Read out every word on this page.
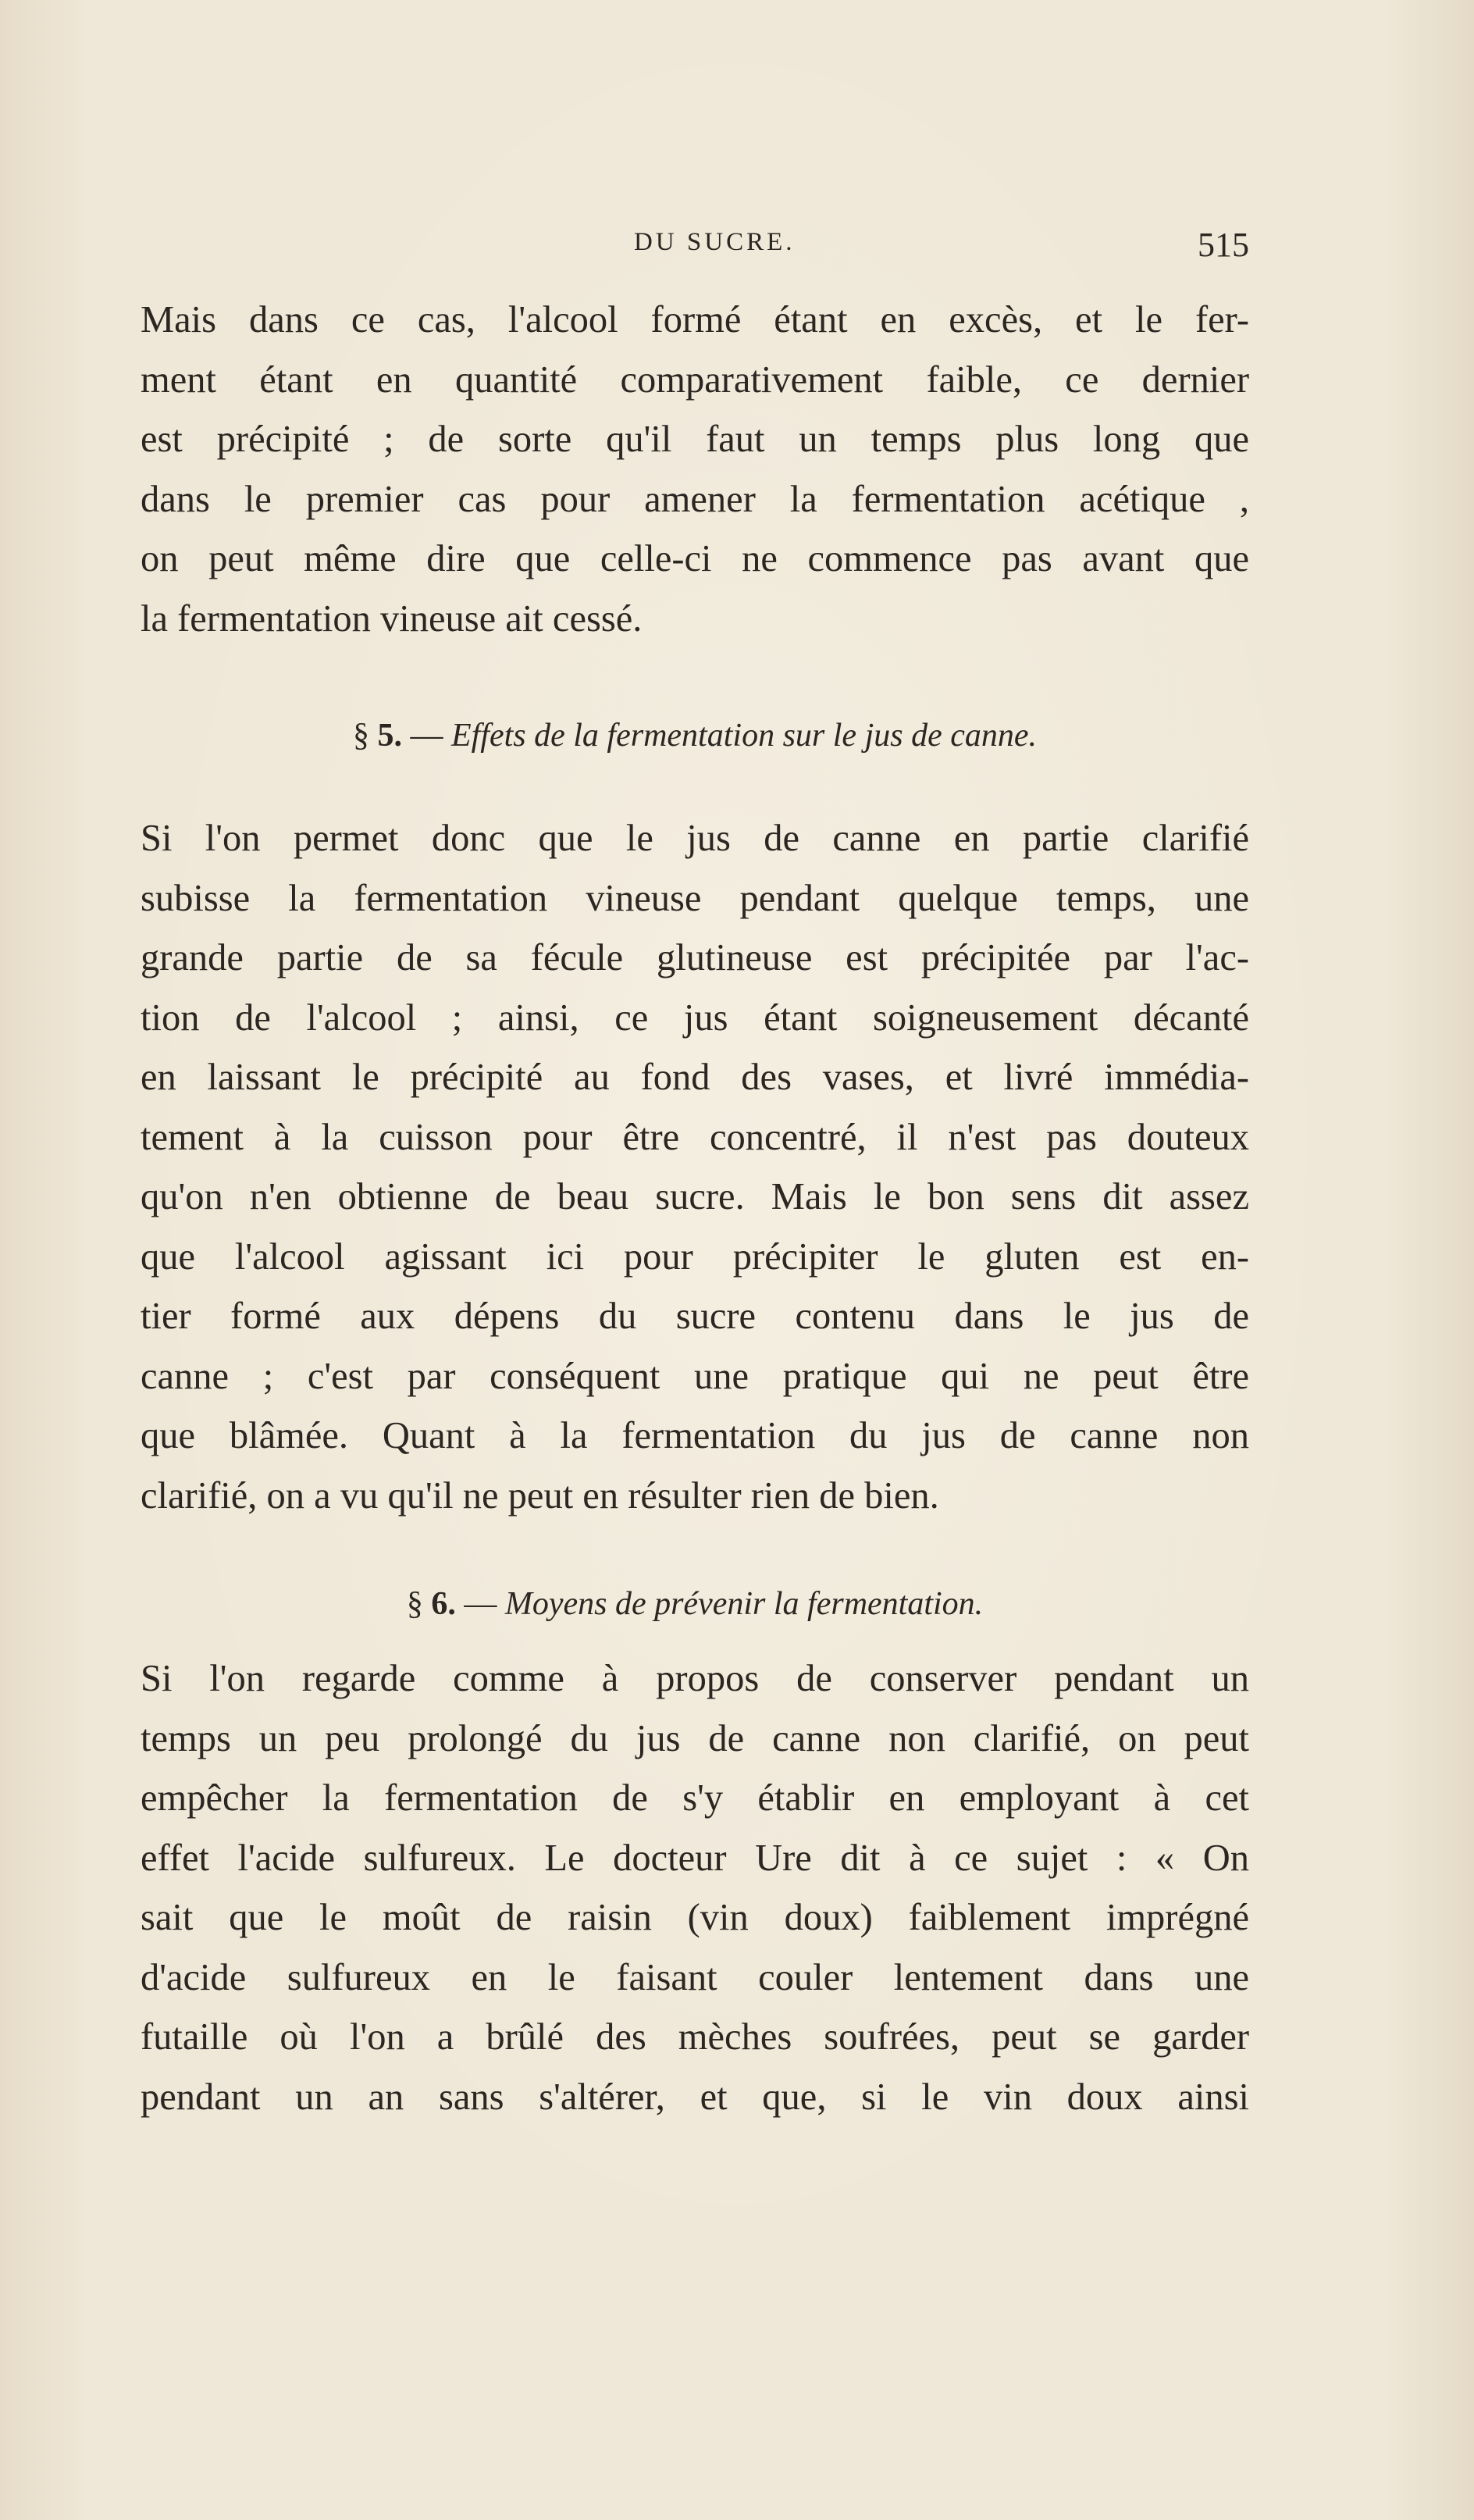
DU SUCRE.	515
Mais dans ce cas, l'alcool formé étant en excès, et le fer-
ment étant en quantité comparativement faible, ce dernier
est précipité ; de sorte qu'il faut un temps plus long que
dans le premier cas pour amener la fermentation acétique ,
on peut même dire que celle-ci ne commence pas avant que
la fermentation vineuse ait cessé.
§ 5. — Effets de la fermentation sur le jus de canne.
Si l'on permet donc que le jus de canne en partie clarifié
subisse la fermentation vineuse pendant quelque temps, une
grande partie de sa fécule glutineuse est précipitée par l'ac-
tion de l'alcool ; ainsi, ce jus étant soigneusement décanté
en laissant le précipité au fond des vases, et livré immédia-
tement à la cuisson pour être concentré, il n'est pas douteux
qu'on n'en obtienne de beau sucre. Mais le bon sens dit assez
que l'alcool agissant ici pour précipiter le gluten est en-
tier formé aux dépens du sucre contenu dans le jus de
canne ; c'est par conséquent une pratique qui ne peut être
que blâmée. Quant à la fermentation du jus de canne non
clarifié, on a vu qu'il ne peut en résulter rien de bien.
§ 6. — Moyens de prévenir la fermentation.
Si l'on regarde comme à propos de conserver pendant un
temps un peu prolongé du jus de canne non clarifié, on peut
empêcher la fermentation de s'y établir en employant à cet
effet l'acide sulfureux. Le docteur Ure dit à ce sujet : « On
sait que le moût de raisin (vin doux) faiblement imprégné
d'acide sulfureux en le faisant couler lentement dans une
futaille où l'on a brûlé des mèches soufrées, peut se garder
pendant un an sans s'altérer, et que, si le vin doux ainsi
